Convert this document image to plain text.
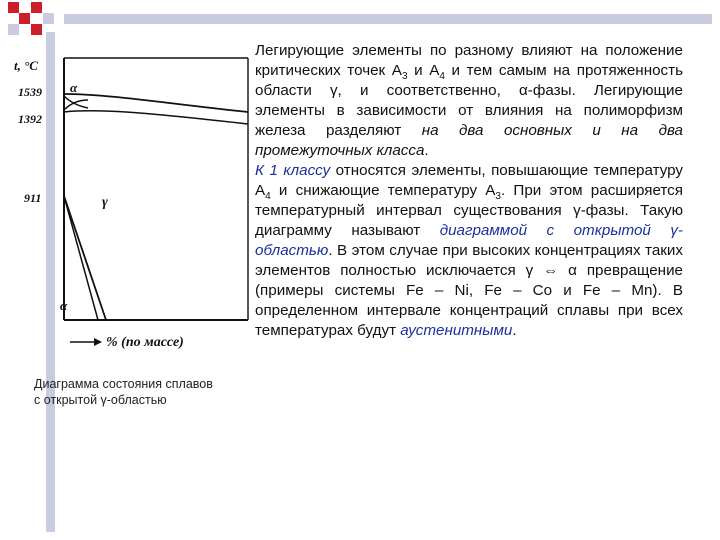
t, °C
1539
1392
911
α
γ
α
% (по массе)
Диаграмма состояния сплавов
с открытой γ-областью
Легирующие элементы по разному влияют на положение критических точек $А_3$ и $А_4$ и тем самым на протяженность области γ, и соответственно, α-фазы. Легирующие элементы в зависимости от влияния на полиморфизм железа разделяют на два основных и на два промежуточных класса.
К 1 классу относятся элементы, повышающие температуру $А_4$ и снижающие температуру $А_3$. При этом расширяется температурный интервал существования γ-фазы. Такую диаграмму называют диаграммой с открытой γ-областью. В этом случае при высоких концентрациях таких элементов полностью исключается γ ⇔ α превращение (примеры системы Fe – Ni, Fe – Co и Fe – Mn). В определенном интервале концентраций сплавы при всех температурах будут аустенитными.
